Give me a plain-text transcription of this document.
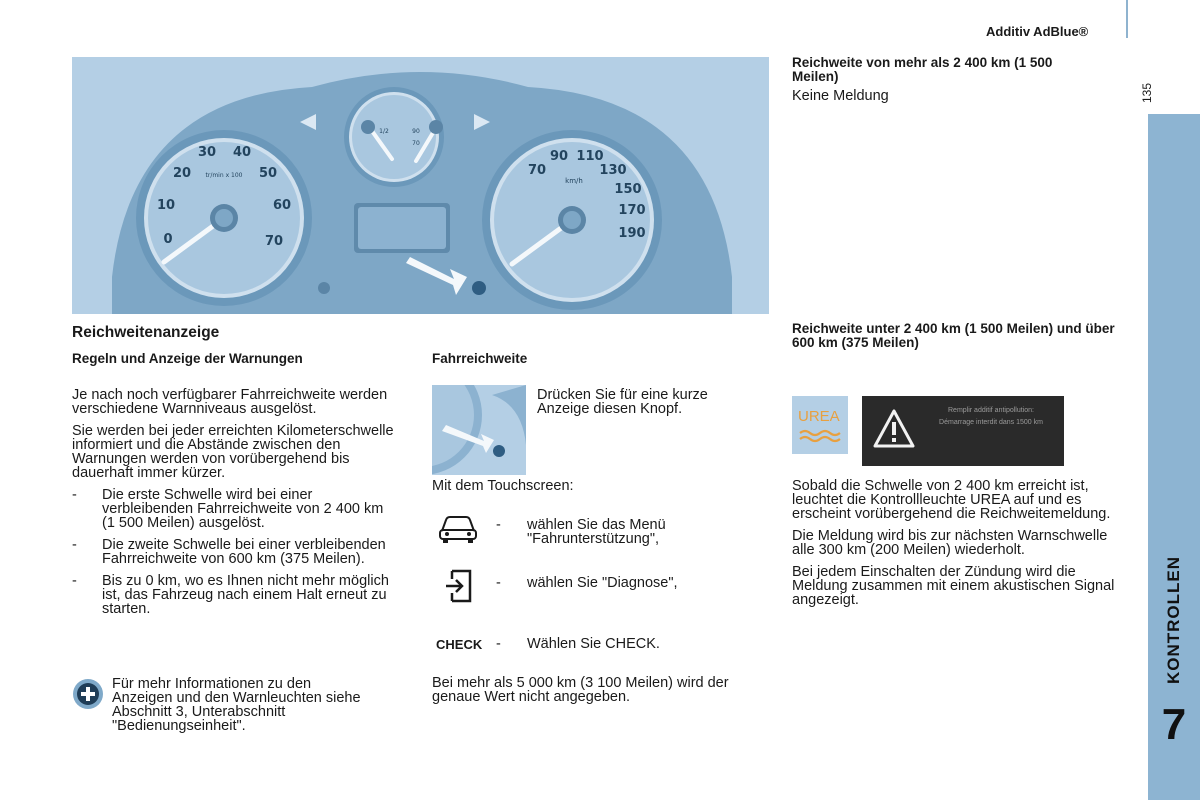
Additiv AdBlue®
135
KONTROLLEN
7
0
10
20
30 40
50
60
70
tr/min x 100	70
90 110
130
150
170
190
km/h
1/2	90
70
Reichweitenanzeige
Regeln und Anzeige der Warnungen

Je nach noch verfügbarer Fahrreichweite werden verschiedene Warnniveaus ausgelöst.

Sie werden bei jeder erreichten Kilometerschwelle informiert und die Abstände zwischen den Warnungen werden von vorübergehend bis dauerhaft immer kürzer.

-	Die erste Schwelle wird bei einer verbleibenden Fahrreichweite von 2 400 km (1 500 Meilen) ausgelöst.
-	Die zweite Schwelle bei einer verbleibenden Fahrreichweite von 600 km (375 Meilen).
-	Bis zu 0 km, wo es Ihnen nicht mehr möglich ist, das Fahrzeug nach einem Halt erneut zu starten.
Für mehr Informationen zu den Anzeigen und den Warnleuchten siehe Abschnitt 3, Unterabschnitt "Bedienungseinheit".
Fahrreichweite
Drücken Sie für eine kurze Anzeige diesen Knopf.
Mit dem Touchscreen:
- wählen Sie das Menü "Fahrunterstützung",
- wählen Sie "Diagnose",
CHECK - Wählen Sie CHECK.
Bei mehr als 5 000 km (3 100 Meilen) wird der genaue Wert nicht angegeben.
Reichweite von mehr als 2 400 km (1 500 Meilen)
Keine Meldung
Reichweite unter 2 400 km (1 500 Meilen) und über 600 km (375 Meilen)
UREA	Remplir additif antipollution: Démarrage interdit dans 1500 km

Sobald die Schwelle von 2 400 km erreicht ist, leuchtet die Kontrollleuchte UREA auf und es erscheint vorübergehend die Reichweitemeldung.

Die Meldung wird bis zur nächsten Warnschwelle alle 300 km (200 Meilen) wiederholt.

Bei jedem Einschalten der Zündung wird die Meldung zusammen mit einem akustischen Signal angezeigt.
